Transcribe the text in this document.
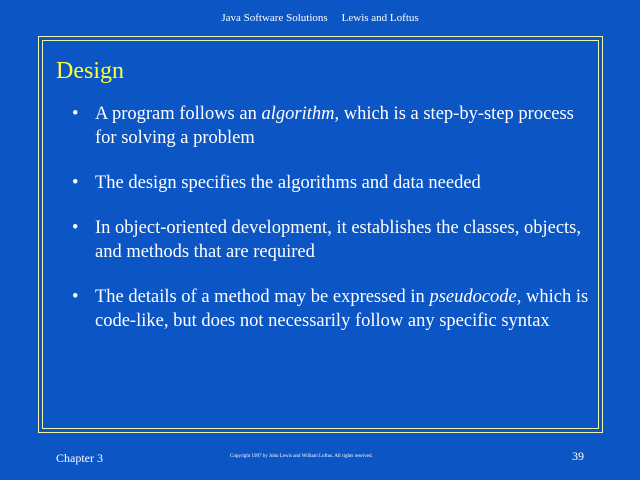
Java Software Solutions Lewis and Loftus
Design
• A program follows an algorithm, which is a step-by-step process for solving a problem
• The design specifies the algorithms and data needed
• In object-oriented development, it establishes the classes, objects, and methods that are required
• The details of a method may be expressed in pseudocode, which is code-like, but does not necessarily follow any specific syntax
Chapter 3	Copyright 1997 by John Lewis and William Loftus. All rights reserved.	39
